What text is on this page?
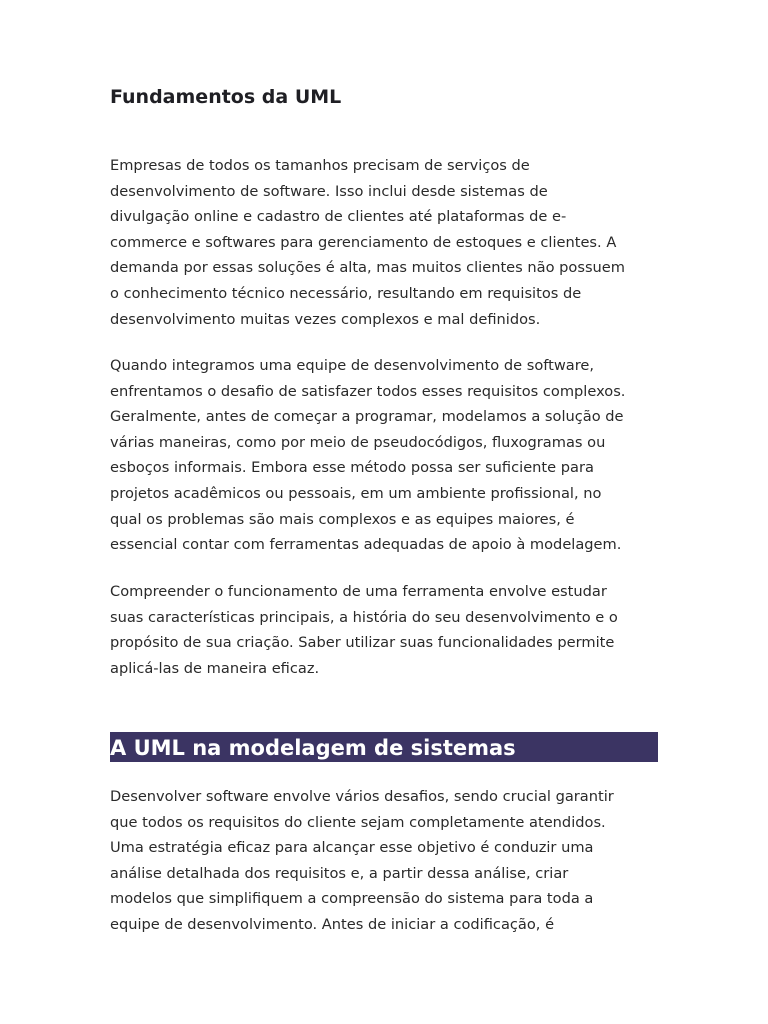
Fundamentos da UML

Empresas de todos os tamanhos precisam de serviços de
desenvolvimento de software. Isso inclui desde sistemas de
divulgação online e cadastro de clientes até plataformas de e-
commerce e softwares para gerenciamento de estoques e clientes. A
demanda por essas soluções é alta, mas muitos clientes não possuem
o conhecimento técnico necessário, resultando em requisitos de
desenvolvimento muitas vezes complexos e mal definidos.

Quando integramos uma equipe de desenvolvimento de software,
enfrentamos o desafio de satisfazer todos esses requisitos complexos.
Geralmente, antes de começar a programar, modelamos a solução de
várias maneiras, como por meio de pseudocódigos, fluxogramas ou
esboços informais. Embora esse método possa ser suficiente para
projetos acadêmicos ou pessoais, em um ambiente profissional, no
qual os problemas são mais complexos e as equipes maiores, é
essencial contar com ferramentas adequadas de apoio à modelagem.

Compreender o funcionamento de uma ferramenta envolve estudar
suas características principais, a história do seu desenvolvimento e o
propósito de sua criação. Saber utilizar suas funcionalidades permite
aplicá-las de maneira eficaz.

A UML na modelagem de sistemas

Desenvolver software envolve vários desafios, sendo crucial garantir
que todos os requisitos do cliente sejam completamente atendidos.
Uma estratégia eficaz para alcançar esse objetivo é conduzir uma
análise detalhada dos requisitos e, a partir dessa análise, criar
modelos que simplifiquem a compreensão do sistema para toda a
equipe de desenvolvimento. Antes de iniciar a codificação, é
